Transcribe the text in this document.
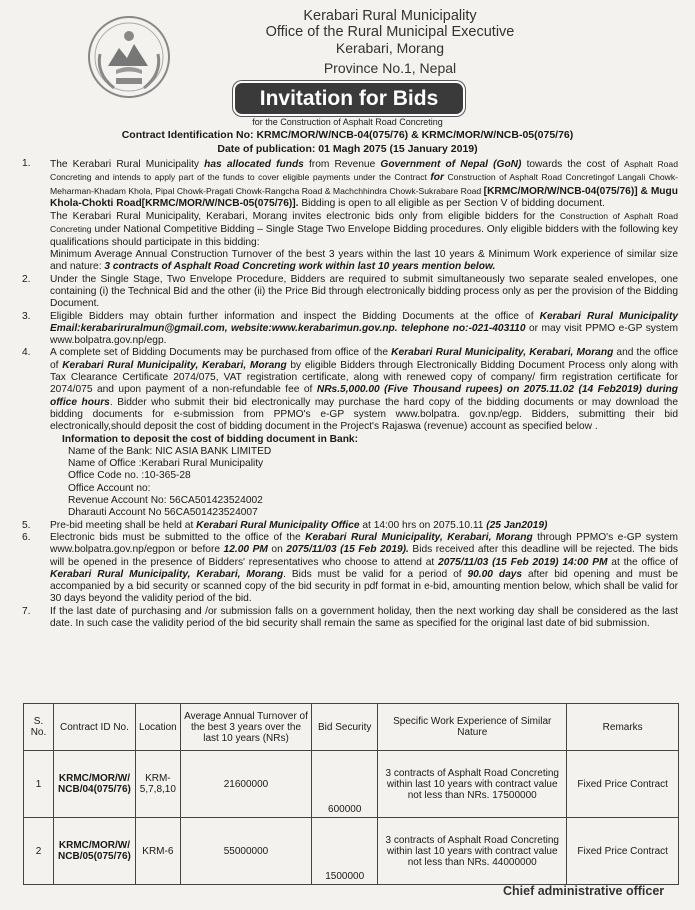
Kerabari Rural Municipality
Office of the Rural Municipal Executive
Kerabari, Morang
Province No.1, Nepal
Invitation for Bids
for the Construction of Asphalt Road Concreting
Contract Identification No: KRMC/MOR/W/NCB-04(075/76) & KRMC/MOR/W/NCB-05(075/76)
Date of publication: 01 Magh 2075 (15 January 2019)
1.	The Kerabari Rural Municipality has allocated funds from Revenue Government of Nepal (GoN) towards the cost of Asphalt Road Concreting and intends to apply part of the funds to cover eligible payments under the Contract for Construction of Asphalt Road Concretingof Langali Chowk-Meharman-Khadam Khola, Pipal Chowk-Pragati Chowk-Rangcha Road & Machchhindra Chowk-Sukrabare Road [KRMC/MOR/W/NCB-04(075/76)] & Mugu Khola-Chokti Road[KRMC/MOR/W/NCB-05(075/76)]. Bidding is open to all eligible as per Section V of bidding document.

The Kerabari Rural Municipality, Kerabari, Morang invites electronic bids only from eligible bidders for the Construction of Asphalt Road Concreting under National Competitive Bidding – Single Stage Two Envelope Bidding procedures. Only eligible bidders with the following key qualifications should participate in this bidding:

Minimum Average Annual Construction Turnover of the best 3 years within the last 10 years & Minimum Work experience of similar size and nature: 3 contracts of Asphalt Road Concreting work within last 10 years mention below.

2.	Under the Single Stage, Two Envelope Procedure, Bidders are required to submit simultaneously two separate sealed envelopes, one containing (i) the Technical Bid and the other (ii) the Price Bid through electronically bidding process only as per the provision of the Bidding Document.
3.	Eligible Bidders may obtain further information and inspect the Bidding Documents at the office of Kerabari Rural Municipality Email:kerabariruralmun@gmail.com, website:www.kerabarimun.gov.np. telephone no:-021-403110 or may visit PPMO e-GP system www.bolpatra.gov.np/egp.
4.	A complete set of Bidding Documents may be purchased from office of the Kerabari Rural Municipality, Kerabari, Morang and the office of Kerabari Rural Municipality, Kerabari, Morang by eligible Bidders through Electronically Bidding Document Process only along with Tax Clearance Certificate 2074/075, VAT registration certificate, along with renewed copy of company/ firm registration certificate for 2074/075 and upon payment of a non-refundable fee of NRs.5,000.00 (Five Thousand rupees) on 2075.11.02 (14 Feb2019) during office hours. Bidder who submit their bid electronically may purchase the hard copy of the bidding documents or may download the bidding documents for e-submission from PPMO's e-GP system www.bolpatra. gov.np/egp. Bidders, submitting their bid electronically,should deposit the cost of bidding document in the Project's Rajaswa (revenue) account as specified below .
Information to deposit the cost of bidding document in Bank:
Name of the Bank: NIC ASIA BANK LIMITED
Name of Office :Kerabari Rural Municipality
Office Code no. :10-365-28
Office Account no:
Revenue Account No: 56CA501423524002
Dharauti Account No 56CA501423524007
5.	Pre-bid meeting shall be held at Kerabari Rural Municipality Office at 14:00 hrs on 2075.10.11 (25 Jan2019)
6.	Electronic bids must be submitted to the office of the Kerabari Rural Municipality, Kerabari, Morang through PPMO's e-GP system www.bolpatra.gov.np/egpon or before 12.00 PM on 2075/11/03 (15 Feb 2019). Bids received after this deadline will be rejected. The bids will be opened in the presence of Bidders' representatives who choose to attend at 2075/11/03 (15 Feb 2019) 14:00 PM at the office of Kerabari Rural Municipality, Kerabari, Morang. Bids must be valid for a period of 90.00 days after bid opening and must be accompanied by a bid security or scanned copy of the bid security in pdf format in e-bid, amounting mention below, which shall be valid for 30 days beyond the validity period of the bid.
7.	If the last date of purchasing and /or submission falls on a government holiday, then the next working day shall be considered as the last date. In such case the validity period of the bid security shall remain the same as specified for the original last date of bid submission.
S. No.	Contract ID No.	Location	Average Annual Turnover of the best 3 years over the last 10 years (NRs)	Bid Security	Specific Work Experience of Similar Nature	Remarks
1	KRMC/MOR/W/ NCB/04(075/76)	KRM- 5,7,8,10	21600000	600000	3 contracts of Asphalt Road Concreting within last 10 years with contract value not less than NRs. 17500000	Fixed Price Contract
2	KRMC/MOR/W/ NCB/05(075/76)	KRM-6	55000000	1500000	3 contracts of Asphalt Road Concreting within last 10 years with contract value not less than NRs. 44000000	Fixed Price Contract
Chief administrative officer
